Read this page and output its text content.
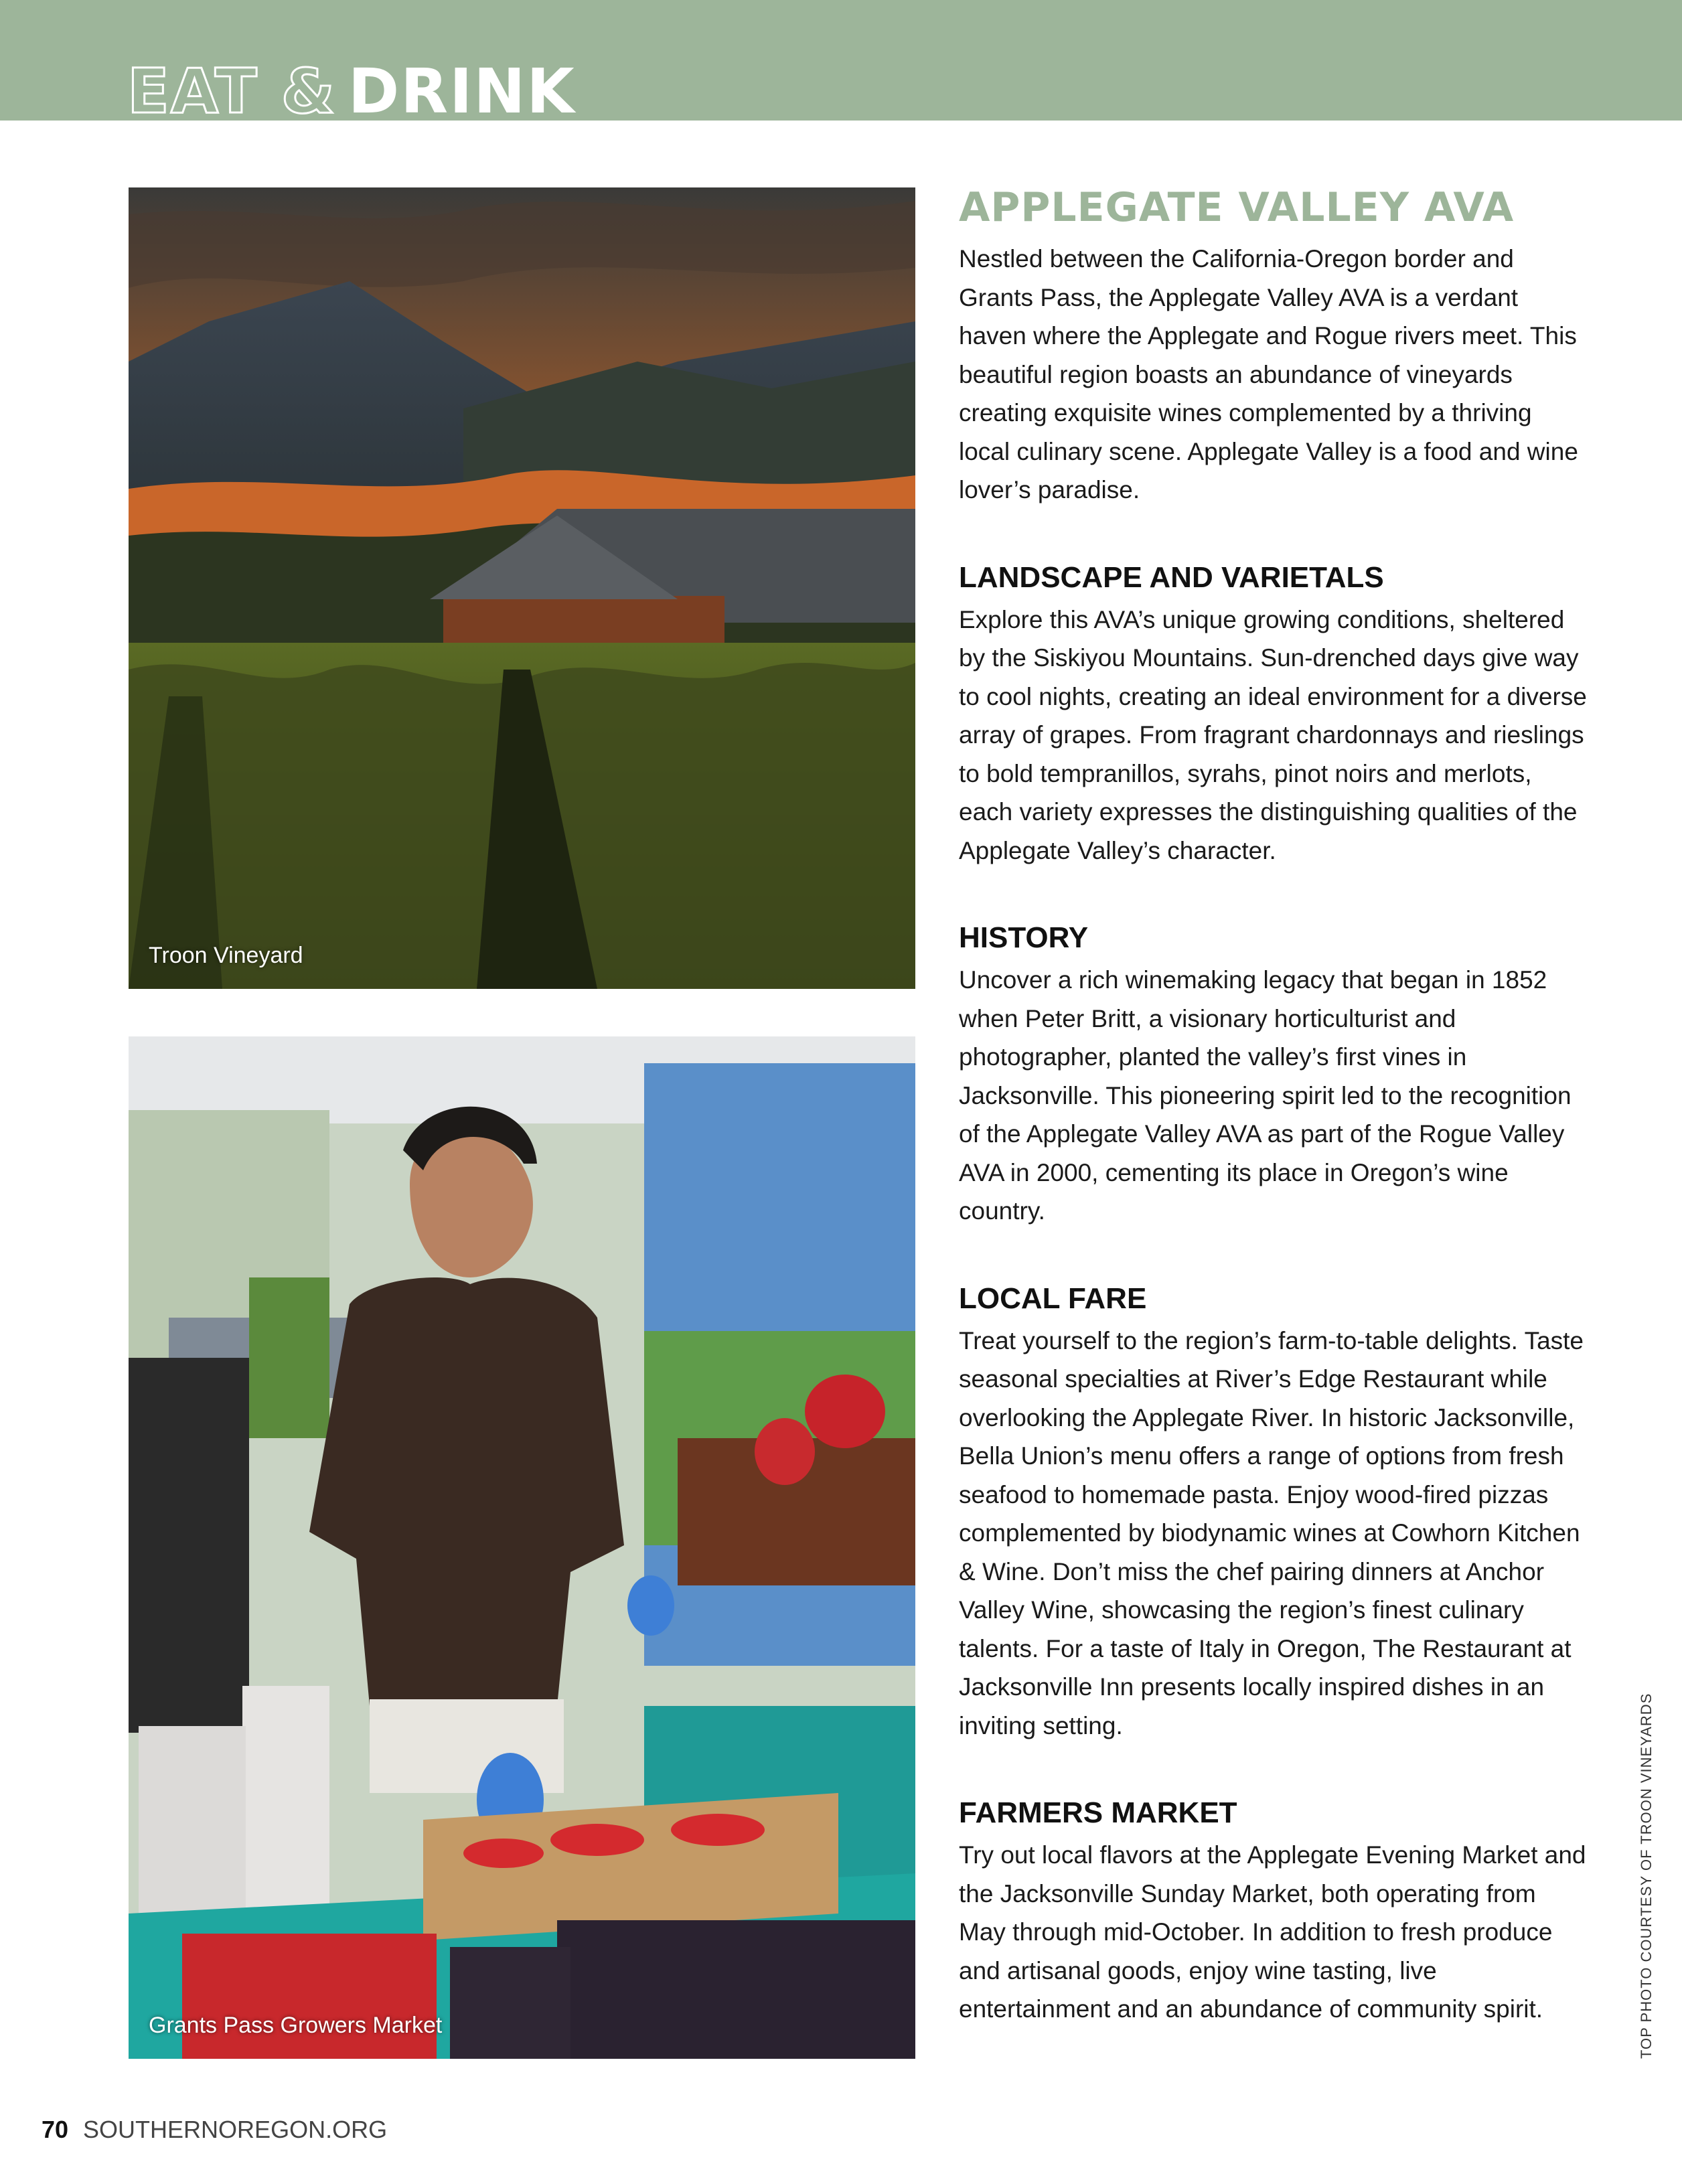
EAT & DRINK
Troon Vineyard
Grants Pass Growers Market
APPLEGATE VALLEY AVA

Nestled between the California-Oregon border and Grants Pass, the Applegate Valley AVA is a verdant haven where the Applegate and Rogue rivers meet. This beautiful region boasts an abundance of vineyards creating exquisite wines complemented by a thriving local culinary scene. Applegate Valley is a food and wine lover’s paradise.

LANDSCAPE AND VARIETALS

Explore this AVA’s unique growing conditions, sheltered by the Siskiyou Mountains. Sun-drenched days give way to cool nights, creating an ideal environment for a diverse array of grapes. From fragrant chardonnays and rieslings to bold tempranillos, syrahs, pinot noirs and merlots, each variety expresses the distinguishing qualities of the Applegate Valley’s character.

HISTORY

Uncover a rich winemaking legacy that began in 1852 when Peter Britt, a visionary horticulturist and photographer, planted the valley’s first vines in Jacksonville. This pioneering spirit led to the recognition of the Applegate Valley AVA as part of the Rogue Valley AVA in 2000, cementing its place in Oregon’s wine country.

LOCAL FARE

Treat yourself to the region’s farm-to-table delights. Taste seasonal specialties at River’s Edge Restaurant while overlooking the Applegate River. In historic Jacksonville, Bella Union’s menu offers a range of options from fresh seafood to homemade pasta. Enjoy wood-fired pizzas complemented by biodynamic wines at Cowhorn Kitchen & Wine. Don’t miss the chef pairing dinners at Anchor Valley Wine, showcasing the region’s finest culinary talents. For a taste of Italy in Oregon, The Restaurant at Jacksonville Inn presents locally inspired dishes in an inviting setting.

FARMERS MARKET

Try out local flavors at the Applegate Evening Market and the Jacksonville Sunday Market, both operating from May through mid-October. In addition to fresh produce and artisanal goods, enjoy wine tasting, live entertainment and an abundance of community spirit.	TOP PHOTO COURTESY OF TROON VINEYARDS
70 SOUTHERNOREGON.ORG
